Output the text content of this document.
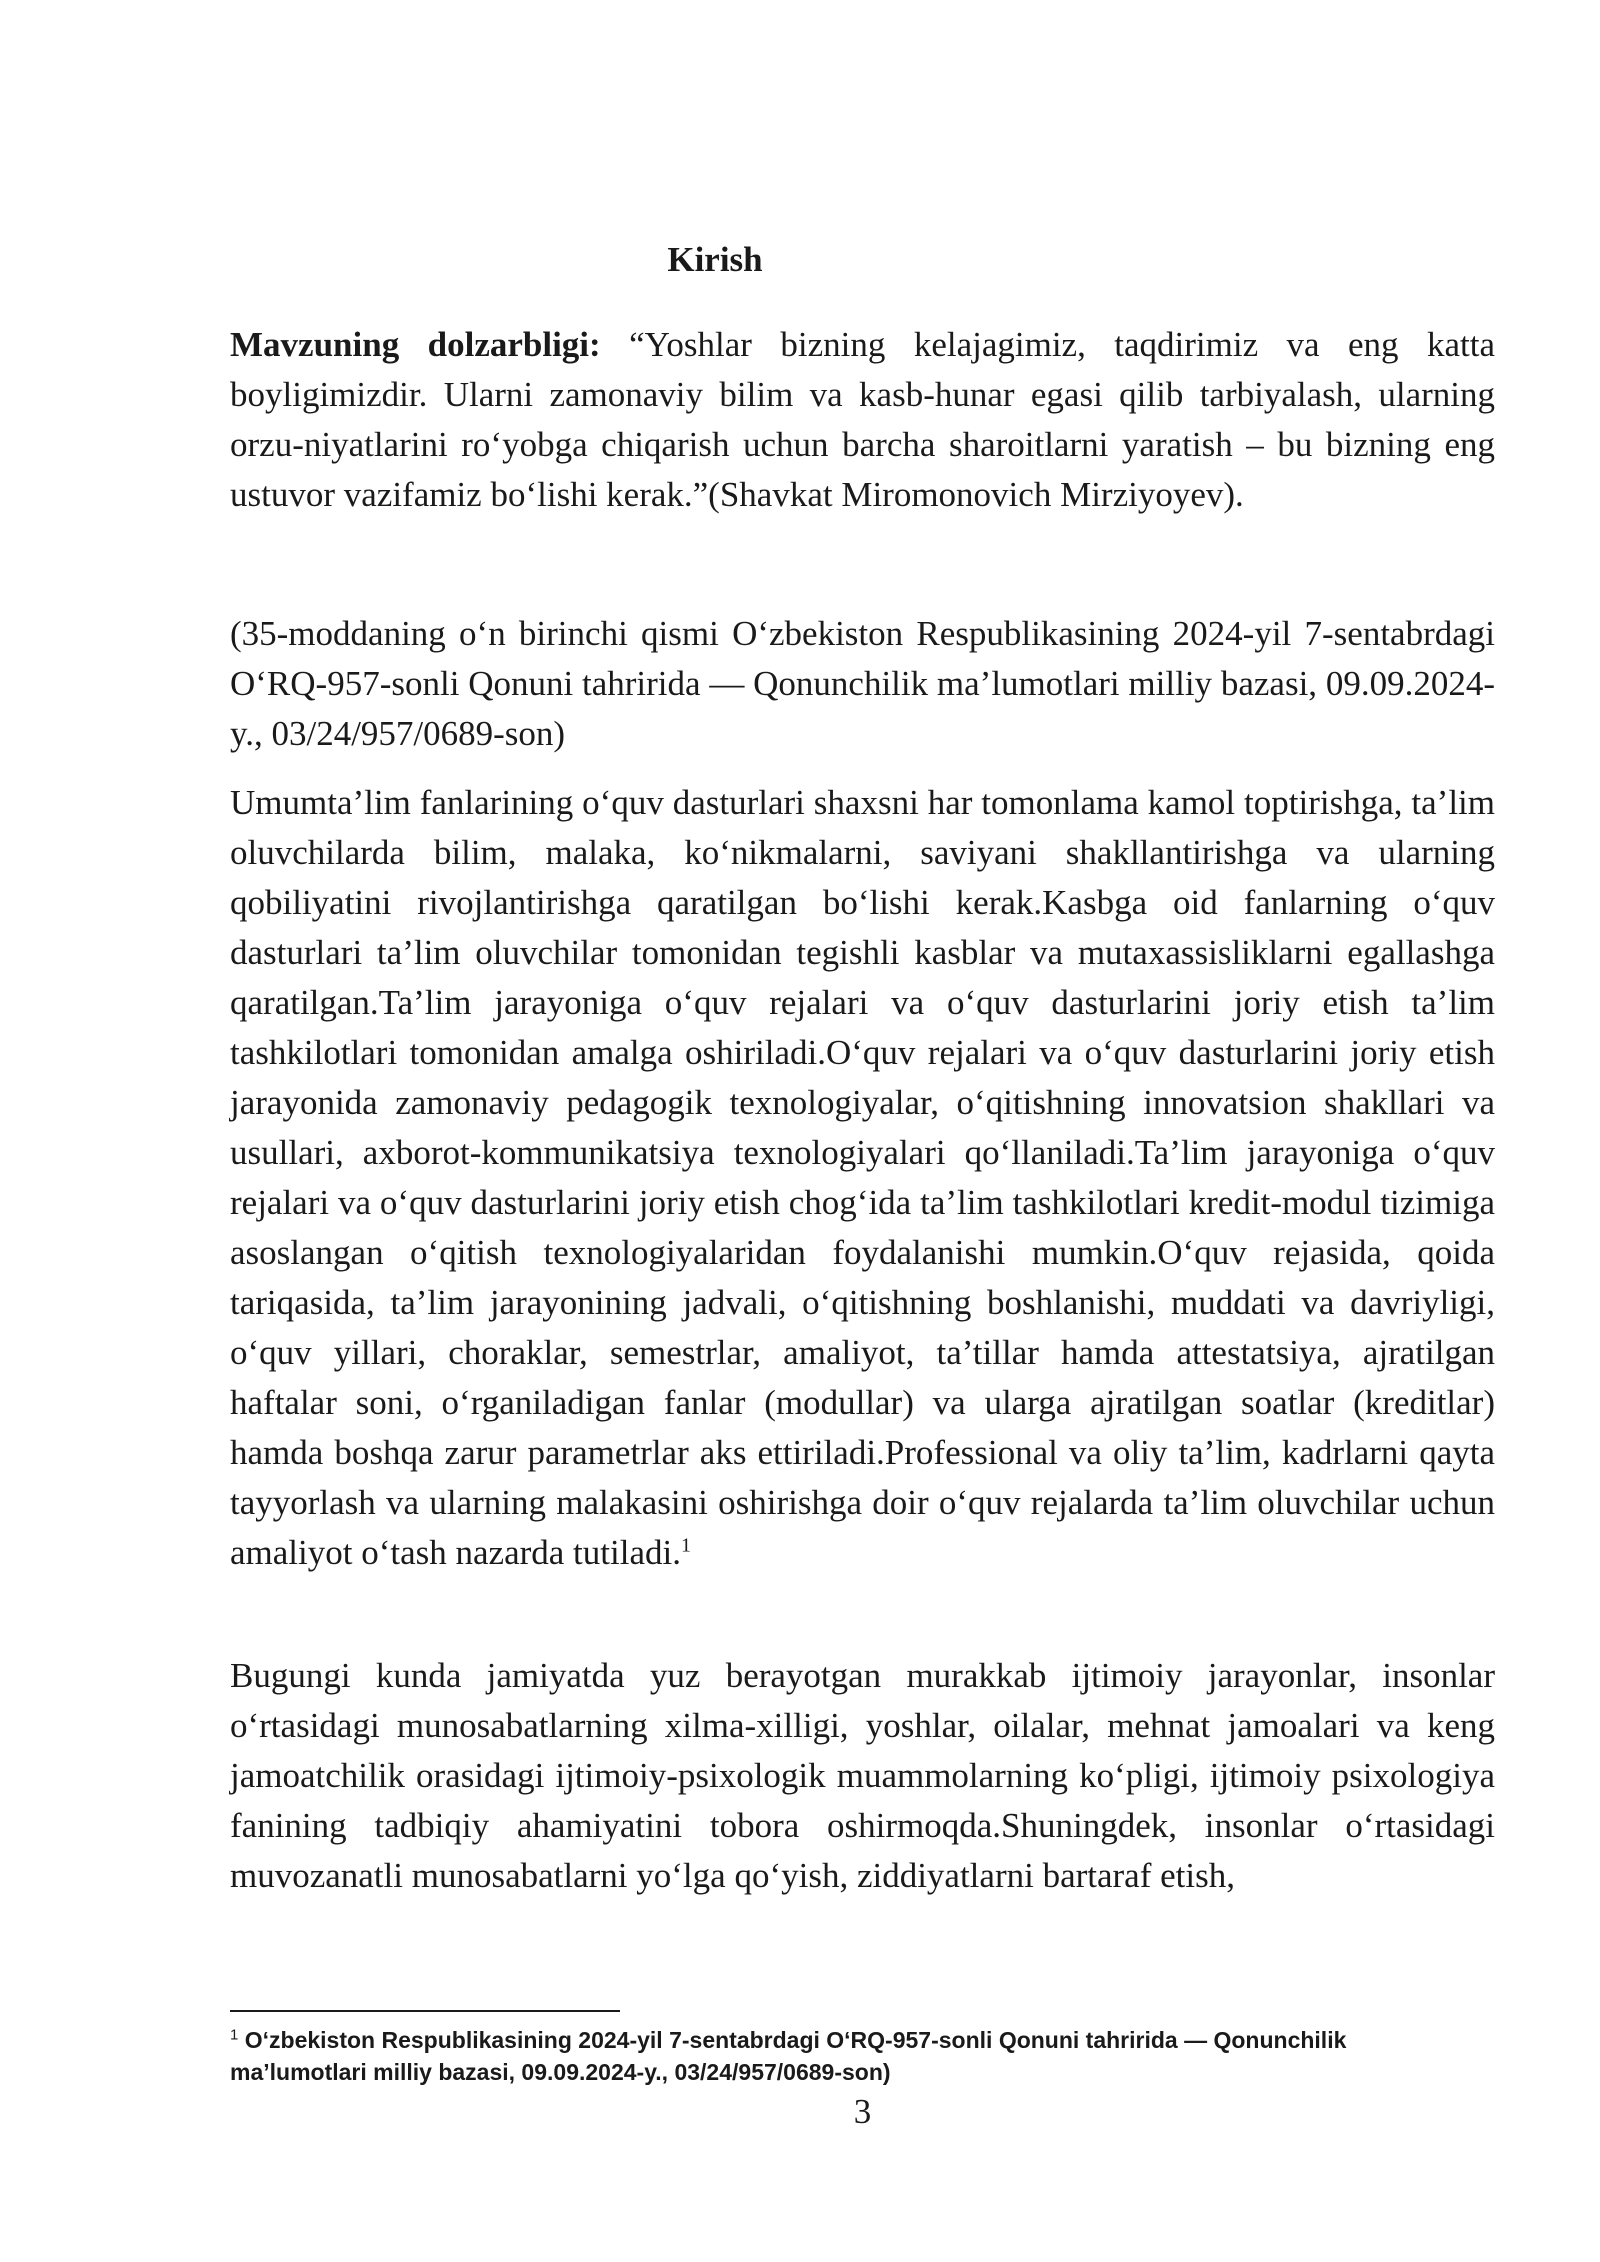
Kirish

Mavzuning dolzarbligi: “Yoshlar bizning kelajagimiz, taqdirimiz va eng katta boyligimizdir. Ularni zamonaviy bilim va kasb-hunar egasi qilib tarbiyalash, ularning orzu-niyatlarini ro‘yobga chiqarish uchun barcha sharoitlarni yaratish – bu bizning eng ustuvor vazifamiz bo‘lishi kerak.”(Shavkat Miromonovich Mirziyoyev).

(35-moddaning o‘n birinchi qismi O‘zbekiston Respublikasining 2024-yil 7-sentabrdagi O‘RQ-957-sonli Qonuni tahririda — Qonunchilik ma’lumotlari milliy bazasi, 09.09.2024-y., 03/24/957/0689-son)

Umumta’lim fanlarining o‘quv dasturlari shaxsni har tomonlama kamol toptirishga, ta’lim oluvchilarda bilim, malaka, ko‘nikmalarni, saviyani shakllantirishga va ularning qobiliyatini rivojlantirishga qaratilgan bo‘lishi kerak.Kasbga oid fanlarning o‘quv dasturlari ta’lim oluvchilar tomonidan tegishli kasblar va mutaxassisliklarni egallashga qaratilgan.Ta’lim jarayoniga o‘quv rejalari va o‘quv dasturlarini joriy etish ta’lim tashkilotlari tomonidan amalga oshiriladi.O‘quv rejalari va o‘quv dasturlarini joriy etish jarayonida zamonaviy pedagogik texnologiyalar, o‘qitishning innovatsion shakllari va usullari, axborot-kommunikatsiya texnologiyalari qo‘llaniladi.Ta’lim jarayoniga o‘quv rejalari va o‘quv dasturlarini joriy etish chog‘ida ta’lim tashkilotlari kredit-modul tizimiga asoslangan o‘qitish texnologiyalaridan foydalanishi mumkin.O‘quv rejasida, qoida tariqasida, ta’lim jarayonining jadvali, o‘qitishning boshlanishi, muddati va davriyligi, o‘quv yillari, choraklar, semestrlar, amaliyot, ta’tillar hamda attestatsiya, ajratilgan haftalar soni, o‘rganiladigan fanlar (modullar) va ularga ajratilgan soatlar (kreditlar) hamda boshqa zarur parametrlar aks ettiriladi.Professional va oliy ta’lim, kadrlarni qayta tayyorlash va ularning malakasini oshirishga doir o‘quv rejalarda ta’lim oluvchilar uchun amaliyot o‘tash nazarda tutiladi.$^1$

Bugungi kunda jamiyatda yuz berayotgan murakkab ijtimoiy jarayonlar, insonlar o‘rtasidagi munosabatlarning xilma-xilligi, yoshlar, oilalar, mehnat jamoalari va keng jamoatchilik orasidagi ijtimoiy-psixologik muammolarning ko‘pligi, ijtimoiy psixologiya fanining tadbiqiy ahamiyatini tobora oshirmoqda.Shuningdek, insonlar o‘rtasidagi muvozanatli munosabatlarni yo‘lga qo‘yish, ziddiyatlarni bartaraf etish,

$^1$ O‘zbekiston Respublikasining 2024-yil 7-sentabrdagi O‘RQ-957-sonli Qonuni tahririda — Qonunchilik ma’lumotlari milliy bazasi, 09.09.2024-y., 03/24/957/0689-son)
3
